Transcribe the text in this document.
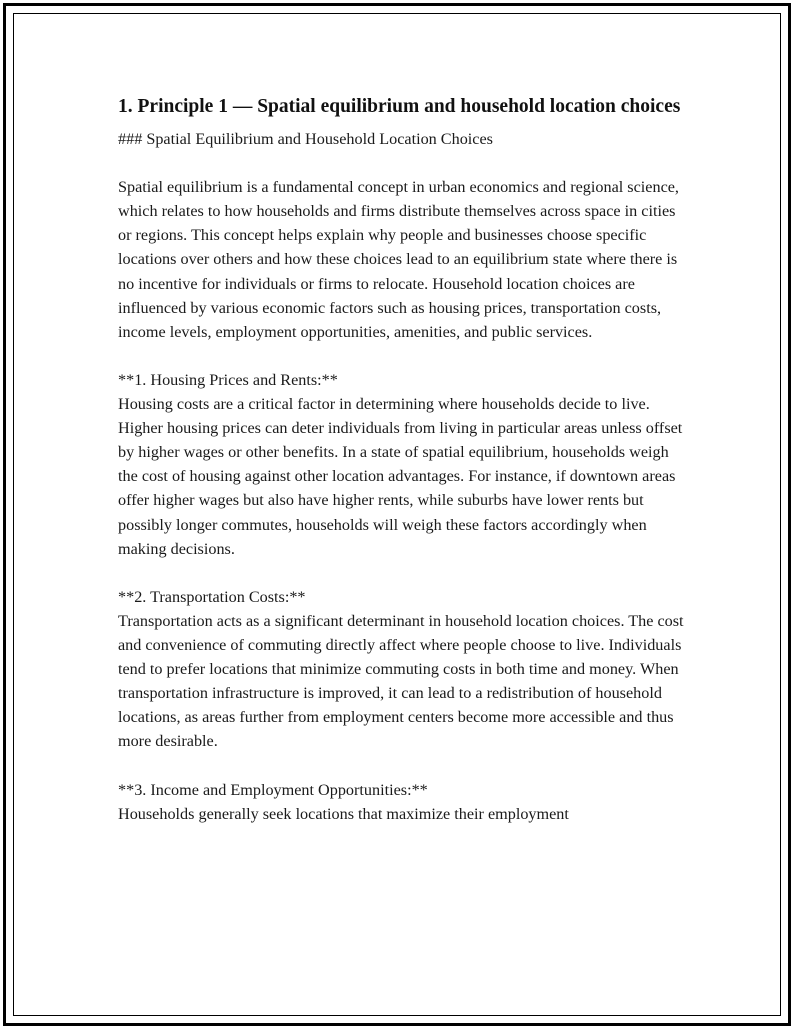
1. Principle 1 — Spatial equilibrium and household location choices

### Spatial Equilibrium and Household Location Choices

Spatial equilibrium is a fundamental concept in urban economics and regional science, which relates to how households and firms distribute themselves across space in cities or regions. This concept helps explain why people and businesses choose specific locations over others and how these choices lead to an equilibrium state where there is no incentive for individuals or firms to relocate. Household location choices are influenced by various economic factors such as housing prices, transportation costs, income levels, employment opportunities, amenities, and public services.

**1. Housing Prices and Rents:**
Housing costs are a critical factor in determining where households decide to live. Higher housing prices can deter individuals from living in particular areas unless offset by higher wages or other benefits. In a state of spatial equilibrium, households weigh the cost of housing against other location advantages. For instance, if downtown areas offer higher wages but also have higher rents, while suburbs have lower rents but possibly longer commutes, households will weigh these factors accordingly when making decisions.

**2. Transportation Costs:**
Transportation acts as a significant determinant in household location choices. The cost and convenience of commuting directly affect where people choose to live. Individuals tend to prefer locations that minimize commuting costs in both time and money. When transportation infrastructure is improved, it can lead to a redistribution of household locations, as areas further from employment centers become more accessible and thus more desirable.

**3. Income and Employment Opportunities:**
Households generally seek locations that maximize their employment
